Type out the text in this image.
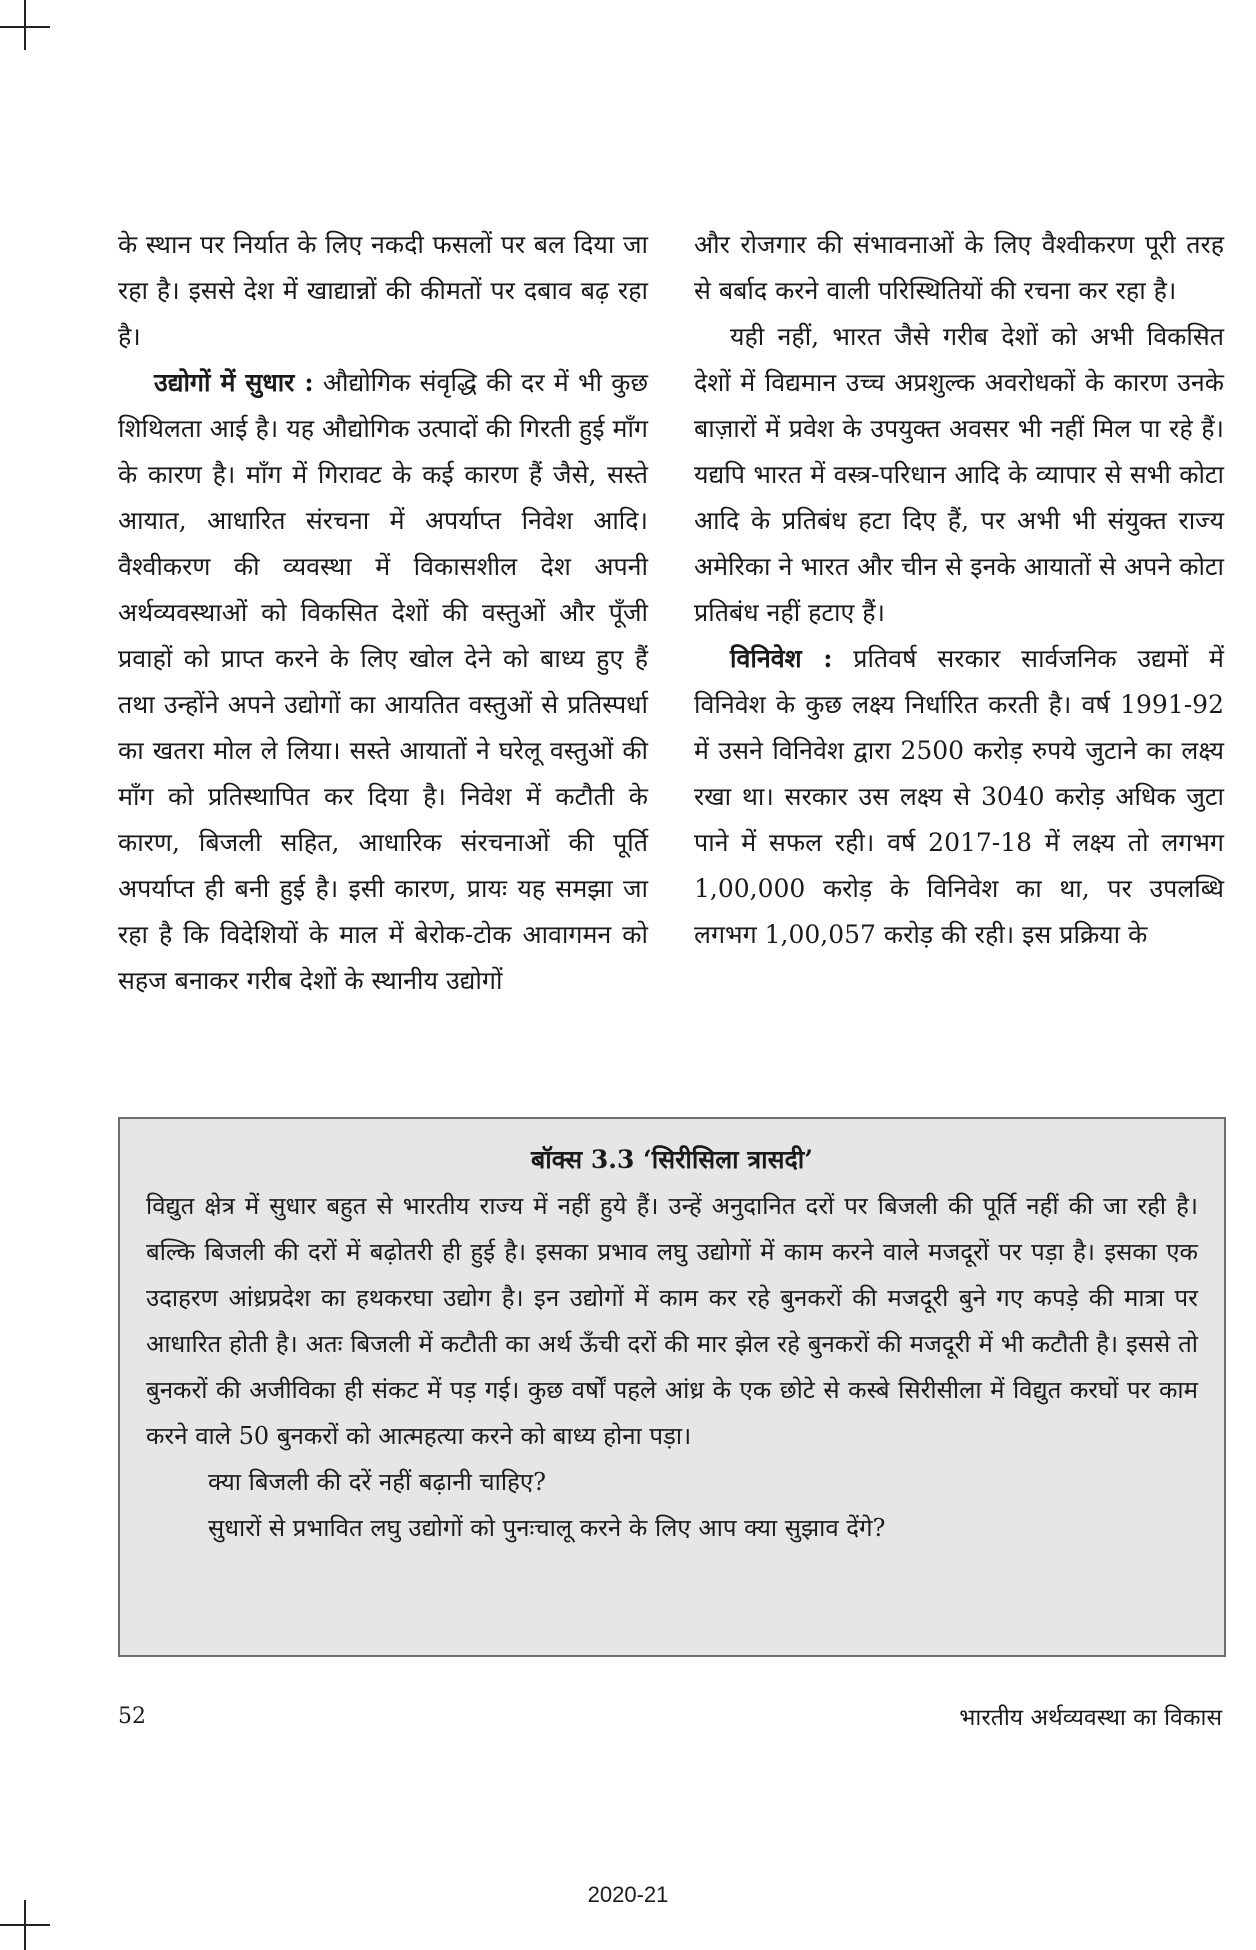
के स्थान पर निर्यात के लिए नकदी फसलों पर बल दिया जा रहा है। इससे देश में खाद्यान्नों की कीमतों पर दबाव बढ़ रहा है।

उद्योगों में सुधार : औद्योगिक संवृद्धि की दर में भी कुछ शिथिलता आई है। यह औद्योगिक उत्पादों की गिरती हुई माँग के कारण है। माँग में गिरावट के कई कारण हैं जैसे, सस्ते आयात, आधारित संरचना में अपर्याप्त निवेश आदि। वैश्वीकरण की व्यवस्था में विकासशील देश अपनी अर्थव्यवस्थाओं को विकसित देशों की वस्तुओं और पूँजी प्रवाहों को प्राप्त करने के लिए खोल देने को बाध्य हुए हैं तथा उन्होंने अपने उद्योगों का आयतित वस्तुओं से प्रतिस्पर्धा का खतरा मोल ले लिया। सस्ते आयातों ने घरेलू वस्तुओं की माँग को प्रतिस्थापित कर दिया है। निवेश में कटौती के कारण, बिजली सहित, आधारिक संरचनाओं की पूर्ति अपर्याप्त ही बनी हुई है। इसी कारण, प्रायः यह समझा जा रहा है कि विदेशियों के माल में बेरोक-टोक आवागमन को सहज बनाकर गरीब देशों के स्थानीय उद्योगों

और रोजगार की संभावनाओं के लिए वैश्वीकरण पूरी तरह से बर्बाद करने वाली परिस्थितियों की रचना कर रहा है।

यही नहीं, भारत जैसे गरीब देशों को अभी विकसित देशों में विद्यमान उच्च अप्रशुल्क अवरोधकों के कारण उनके बाज़ारों में प्रवेश के उपयुक्त अवसर भी नहीं मिल पा रहे हैं। यद्यपि भारत में वस्त्र-परिधान आदि के व्यापार से सभी कोटा आदि के प्रतिबंध हटा दिए हैं, पर अभी भी संयुक्त राज्य अमेरिका ने भारत और चीन से इनके आयातों से अपने कोटा प्रतिबंध नहीं हटाए हैं।

विनिवेश : प्रतिवर्ष सरकार सार्वजनिक उद्यमों में विनिवेश के कुछ लक्ष्य निर्धारित करती है। वर्ष 1991-92 में उसने विनिवेश द्वारा 2500 करोड़ रुपये जुटाने का लक्ष्य रखा था। सरकार उस लक्ष्य से 3040 करोड़ अधिक जुटा पाने में सफल रही। वर्ष 2017-18 में लक्ष्य तो लगभग 1,00,000 करोड़ के विनिवेश का था, पर उपलब्धि लगभग 1,00,057 करोड़ की रही। इस प्रक्रिया के

बॉक्स 3.3 ‘सिरीसिला त्रासदी’

विद्युत क्षेत्र में सुधार बहुत से भारतीय राज्य में नहीं हुये हैं। उन्हें अनुदानित दरों पर बिजली की पूर्ति नहीं की जा रही है। बल्कि बिजली की दरों में बढ़ोतरी ही हुई है। इसका प्रभाव लघु उद्योगों में काम करने वाले मजदूरों पर पड़ा है। इसका एक उदाहरण आंध्रप्रदेश का हथकरघा उद्योग है। इन उद्योगों में काम कर रहे बुनकरों की मजदूरी बुने गए कपड़े की मात्रा पर आधारित होती है। अतः बिजली में कटौती का अर्थ ऊँची दरों की मार झेल रहे बुनकरों की मजदूरी में भी कटौती है। इससे तो बुनकरों की अजीविका ही संकट में पड़ गई। कुछ वर्षों पहले आंध्र के एक छोटे से कस्बे सिरीसीला में विद्युत करघों पर काम करने वाले 50 बुनकरों को आत्महत्या करने को बाध्य होना पड़ा।

क्या बिजली की दरें नहीं बढ़ानी चाहिए?

सुधारों से प्रभावित लघु उद्योगों को पुनःचालू करने के लिए आप क्या सुझाव देंगे?

52	भारतीय अर्थव्यवस्था का विकास
2020-21
